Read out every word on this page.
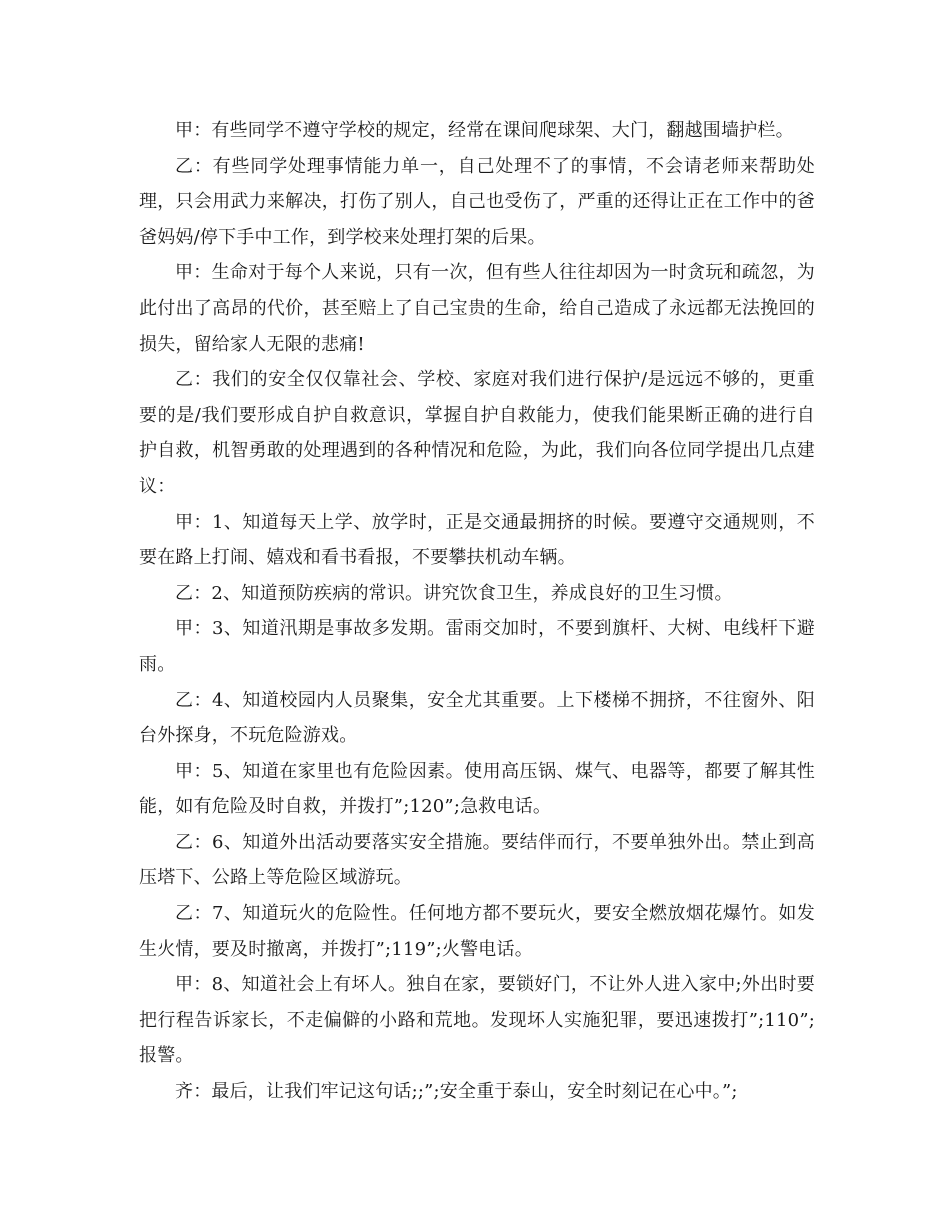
甲：有些同学不遵守学校的规定，经常在课间爬球架、大门，翻越围墙护栏。

乙：有些同学处理事情能力单一，自己处理不了的事情，不会请老师来帮助处理，只会用武力来解决，打伤了别人，自己也受伤了，严重的还得让正在工作中的爸爸妈妈/停下手中工作，到学校来处理打架的后果。

甲：生命对于每个人来说，只有一次，但有些人往往却因为一时贪玩和疏忽，为此付出了高昂的代价，甚至赔上了自己宝贵的生命，给自己造成了永远都无法挽回的损失，留给家人无限的悲痛!

乙：我们的安全仅仅靠社会、学校、家庭对我们进行保护/是远远不够的，更重要的是/我们要形成自护自救意识，掌握自护自救能力，使我们能果断正确的进行自护自救，机智勇敢的处理遇到的各种情况和危险，为此，我们向各位同学提出几点建议：

甲：1、知道每天上学、放学时，正是交通最拥挤的时候。要遵守交通规则，不要在路上打闹、嬉戏和看书看报，不要攀扶机动车辆。

乙：2、知道预防疾病的常识。讲究饮食卫生，养成良好的卫生习惯。

甲：3、知道汛期是事故多发期。雷雨交加时，不要到旗杆、大树、电线杆下避雨。

乙：4、知道校园内人员聚集，安全尤其重要。上下楼梯不拥挤，不往窗外、阳台外探身，不玩危险游戏。

甲：5、知道在家里也有危险因素。使用高压锅、煤气、电器等，都要了解其性能，如有危险及时自救，并拨打”;120”;急救电话。

乙：6、知道外出活动要落实安全措施。要结伴而行，不要单独外出。禁止到高压塔下、公路上等危险区域游玩。

乙：7、知道玩火的危险性。任何地方都不要玩火，要安全燃放烟花爆竹。如发生火情，要及时撤离，并拨打”;119”;火警电话。

甲：8、知道社会上有坏人。独自在家，要锁好门，不让外人进入家中;外出时要把行程告诉家长，不走偏僻的小路和荒地。发现坏人实施犯罪，要迅速拨打”;110”;报警。

齐：最后，让我们牢记这句话;;”;安全重于泰山，安全时刻记在心中。”;
